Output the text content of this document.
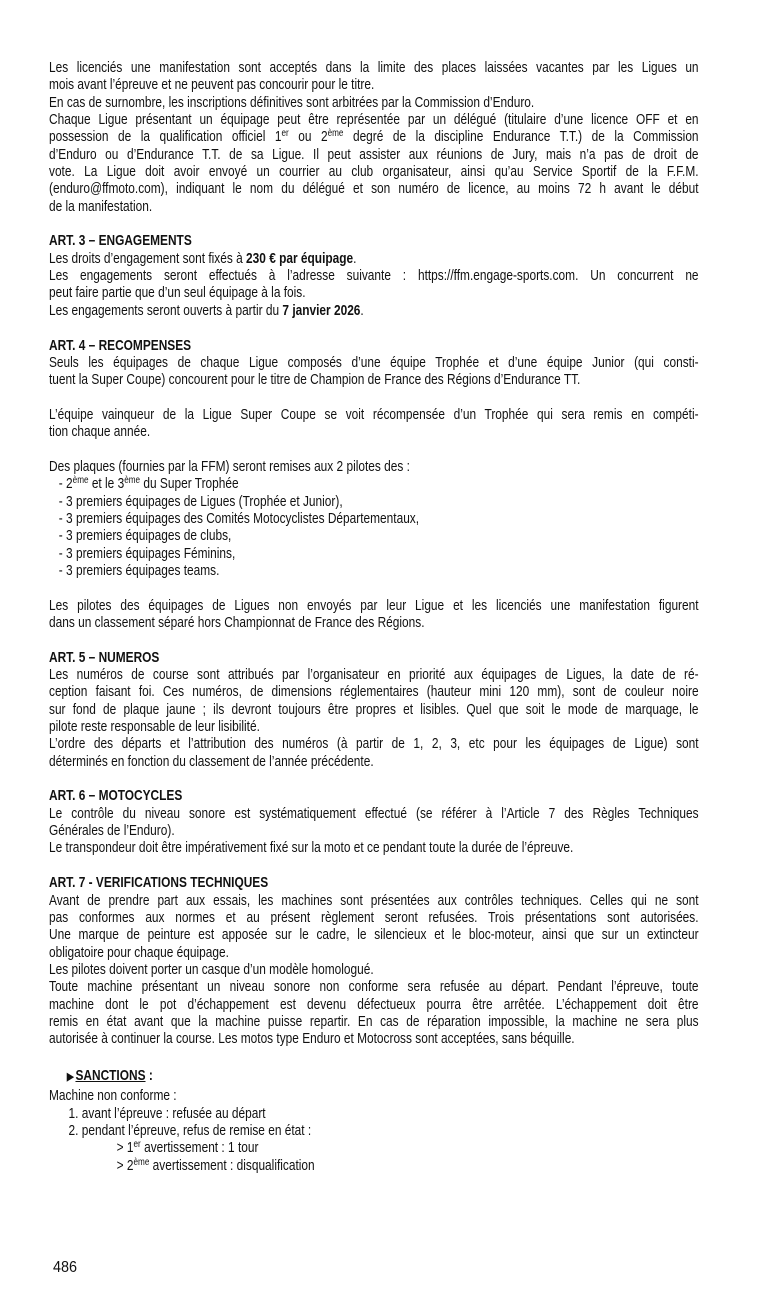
Les licenciés une manifestation sont acceptés dans la limite des places laissées vacantes par les Ligues un
mois avant l’épreuve et ne peuvent pas concourir pour le titre.
En cas de surnombre, les inscriptions définitives sont arbitrées par la Commission d’Enduro.
Chaque Ligue présentant un équipage peut être représentée par un délégué (titulaire d’une licence OFF et en
possession de la qualification officiel 1er ou 2ème degré de la discipline Endurance T.T.) de la Commission
d’Enduro ou d’Endurance T.T. de sa Ligue. Il peut assister aux réunions de Jury, mais n’a pas de droit de
vote. La Ligue doit avoir envoyé un courrier au club organisateur, ainsi qu’au Service Sportif de la F.F.M.
(enduro@ffmoto.com), indiquant le nom du délégué et son numéro de licence, au moins 72 h avant le début
de la manifestation.
ART. 3 – ENGAGEMENTS
Les droits d’engagement sont fixés à 230 € par équipage.
Les engagements seront effectués à l’adresse suivante : https://ffm.engage-sports.com. Un concurrent ne
peut faire partie que d’un seul équipage à la fois.
Les engagements seront ouverts à partir du 7 janvier 2026.
ART. 4 – RECOMPENSES
Seuls les équipages de chaque Ligue composés d’une équipe Trophée et d’une équipe Junior (qui consti-
tuent la Super Coupe) concourent pour le titre de Champion de France des Régions d’Endurance TT.
L’équipe vainqueur de la Ligue Super Coupe se voit récompensée d’un Trophée qui sera remis en compéti-
tion chaque année.
Des plaques (fournies par la FFM) seront remises aux 2 pilotes des :
- 2ème et le 3ème du Super Trophée
- 3 premiers équipages de Ligues (Trophée et Junior),
- 3 premiers équipages des Comités Motocyclistes Départementaux,
- 3 premiers équipages de clubs,
- 3 premiers équipages Féminins,
- 3 premiers équipages teams.
Les pilotes des équipages de Ligues non envoyés par leur Ligue et les licenciés une manifestation figurent
dans un classement séparé hors Championnat de France des Régions.
ART. 5 – NUMEROS
Les numéros de course sont attribués par l’organisateur en priorité aux équipages de Ligues, la date de ré-
ception faisant foi. Ces numéros, de dimensions réglementaires (hauteur mini 120 mm), sont de couleur noire
sur fond de plaque jaune ; ils devront toujours être propres et lisibles. Quel que soit le mode de marquage, le
pilote reste responsable de leur lisibilité.
L’ordre des départs et l’attribution des numéros (à partir de 1, 2, 3, etc pour les équipages de Ligue) sont
déterminés en fonction du classement de l’année précédente.
ART. 6 – MOTOCYCLES
Le contrôle du niveau sonore est systématiquement effectué (se référer à l’Article 7 des Règles Techniques
Générales de l’Enduro).
Le transpondeur doit être impérativement fixé sur la moto et ce pendant toute la durée de l’épreuve.
ART. 7 - VERIFICATIONS TECHNIQUES
Avant de prendre part aux essais, les machines sont présentées aux contrôles techniques. Celles qui ne sont
pas conformes aux normes et au présent règlement seront refusées. Trois présentations sont autorisées.
Une marque de peinture est apposée sur le cadre, le silencieux et le bloc-moteur, ainsi que sur un extincteur
obligatoire pour chaque équipage.
Les pilotes doivent porter un casque d’un modèle homologué.
Toute machine présentant un niveau sonore non conforme sera refusée au départ. Pendant l’épreuve, toute
machine dont le pot d’échappement est devenu défectueux pourra être arrêtée. L’échappement doit être
remis en état avant que la machine puisse repartir. En cas de réparation impossible, la machine ne sera plus
autorisée à continuer la course. Les motos type Enduro et Motocross sont acceptées, sans béquille.
▶ SANCTIONS :
Machine non conforme :
1. avant l’épreuve : refusée au départ
2. pendant l’épreuve, refus de remise en état :
> 1er avertissement : 1 tour
> 2ème avertissement : disqualification
486
